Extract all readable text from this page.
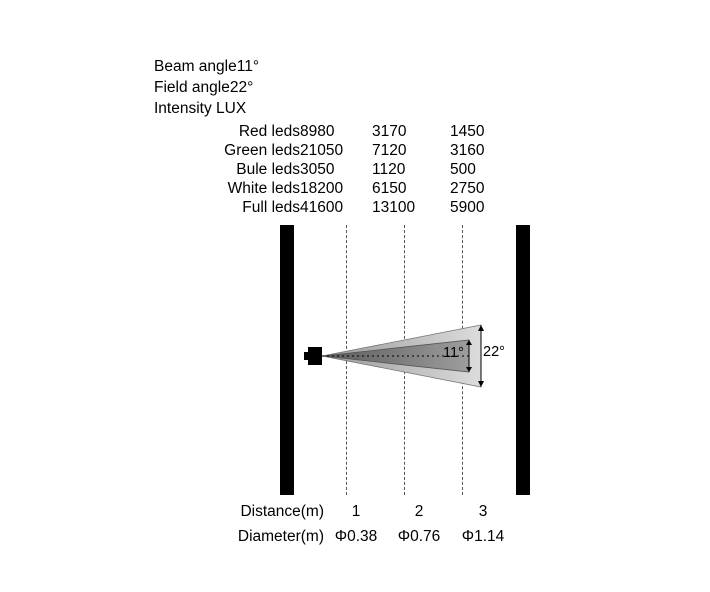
Beam angle11°
Field angle22°
Intensity LUX
Red leds	8980	3170	1450
Green leds	21050	7120	3160
Bule leds	3050	1120	500
White leds	18200	6150	2750
Full leds	41600	13100	5900
11° 22°
Distance(m)	1	2	3
Diameter(m)	Φ0.38	Φ0.76	Φ1.14
